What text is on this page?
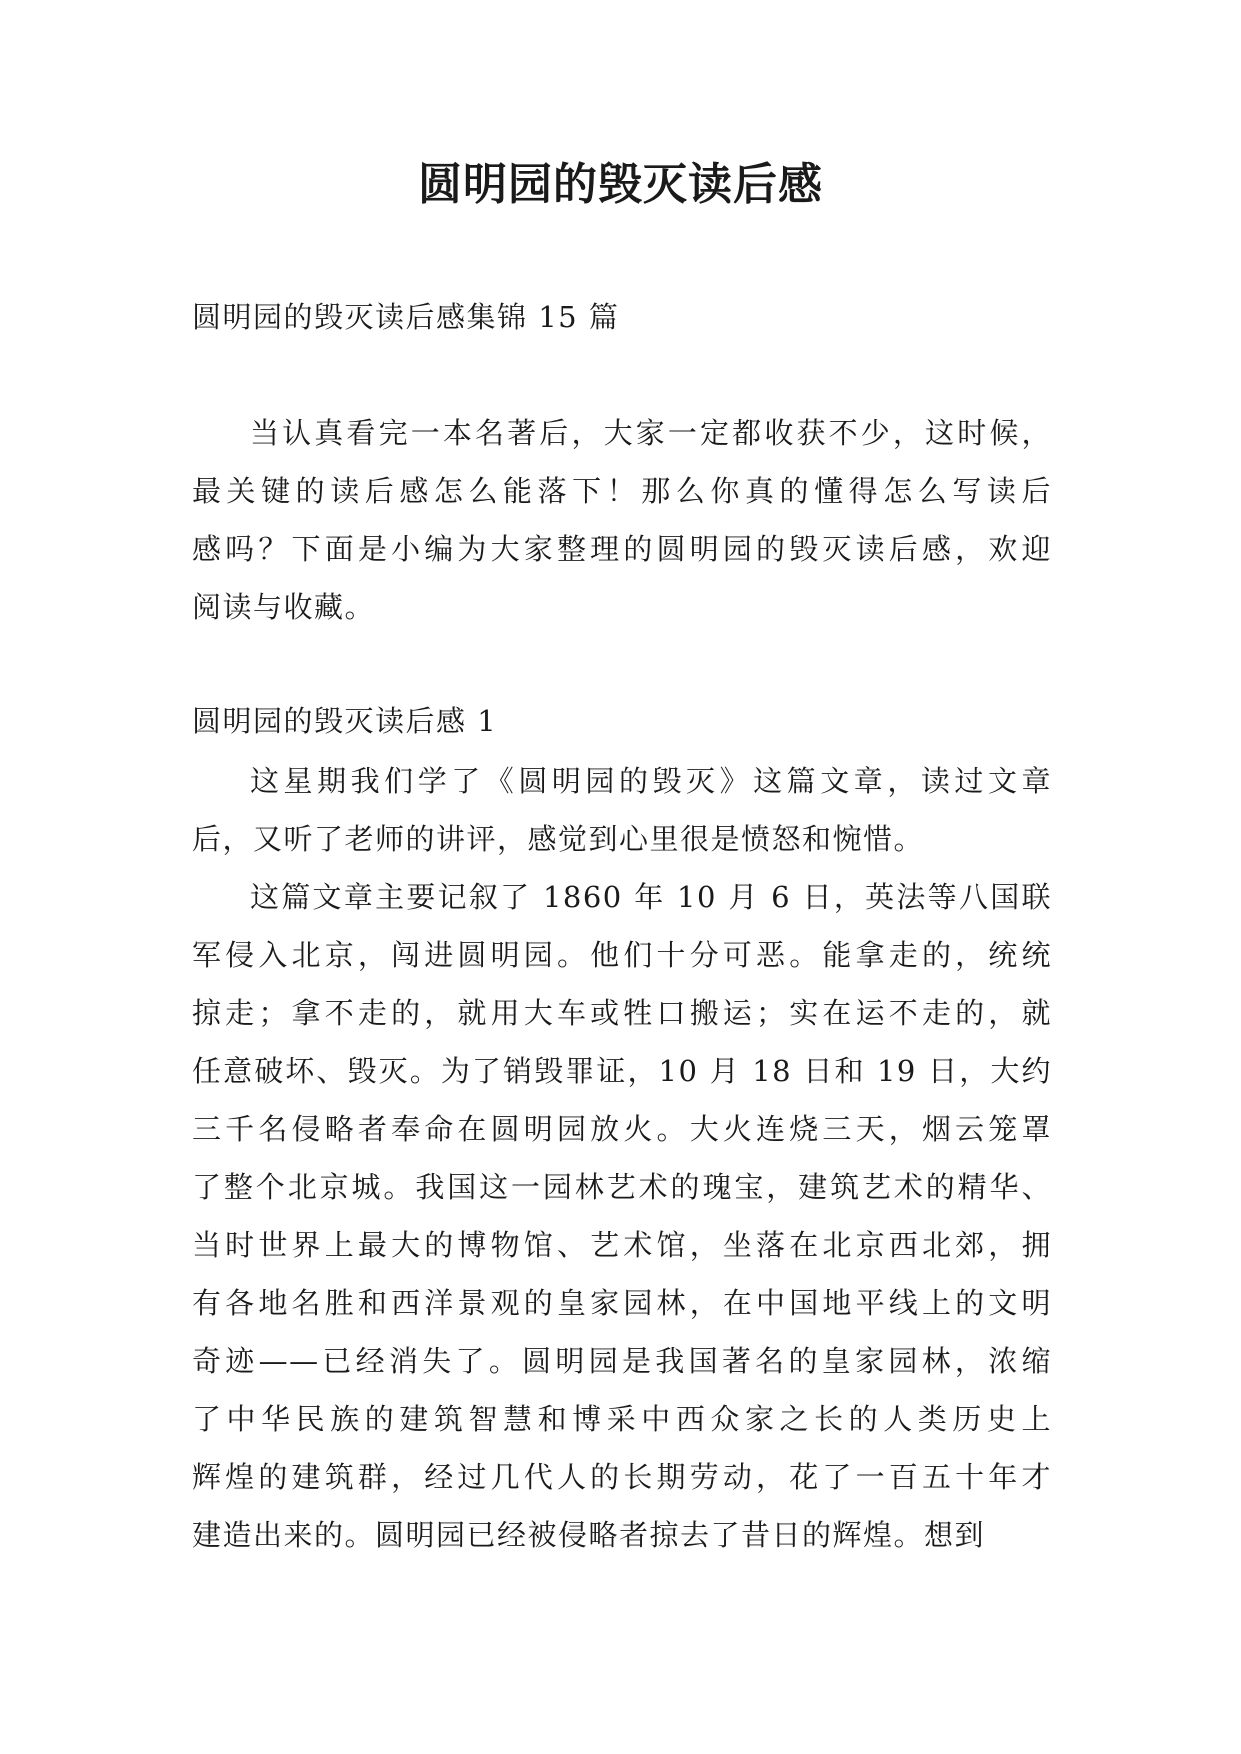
圆明园的毁灭读后感
圆明园的毁灭读后感集锦 15 篇
当认真看完一本名著后，大家一定都收获不少，这时候，
最关键的读后感怎么能落下！那么你真的懂得怎么写读后
感吗？下面是小编为大家整理的圆明园的毁灭读后感，欢迎
阅读与收藏。
圆明园的毁灭读后感 1
这星期我们学了《圆明园的毁灭》这篇文章，读过文章
后，又听了老师的讲评，感觉到心里很是愤怒和惋惜。
这篇文章主要记叙了 1860 年 10 月 6 日，英法等八国联
军侵入北京，闯进圆明园。他们十分可恶。能拿走的，统统
掠走；拿不走的，就用大车或牲口搬运；实在运不走的，就
任意破坏、毁灭。为了销毁罪证，10 月 18 日和 19 日，大约
三千名侵略者奉命在圆明园放火。大火连烧三天，烟云笼罩
了整个北京城。我国这一园林艺术的瑰宝，建筑艺术的精华、
当时世界上最大的博物馆、艺术馆，坐落在北京西北郊，拥
有各地名胜和西洋景观的皇家园林，在中国地平线上的文明
奇迹——已经消失了。圆明园是我国著名的皇家园林，浓缩
了中华民族的建筑智慧和博采中西众家之长的人类历史上
辉煌的建筑群，经过几代人的长期劳动，花了一百五十年才
建造出来的。圆明园已经被侵略者掠去了昔日的辉煌。想到
